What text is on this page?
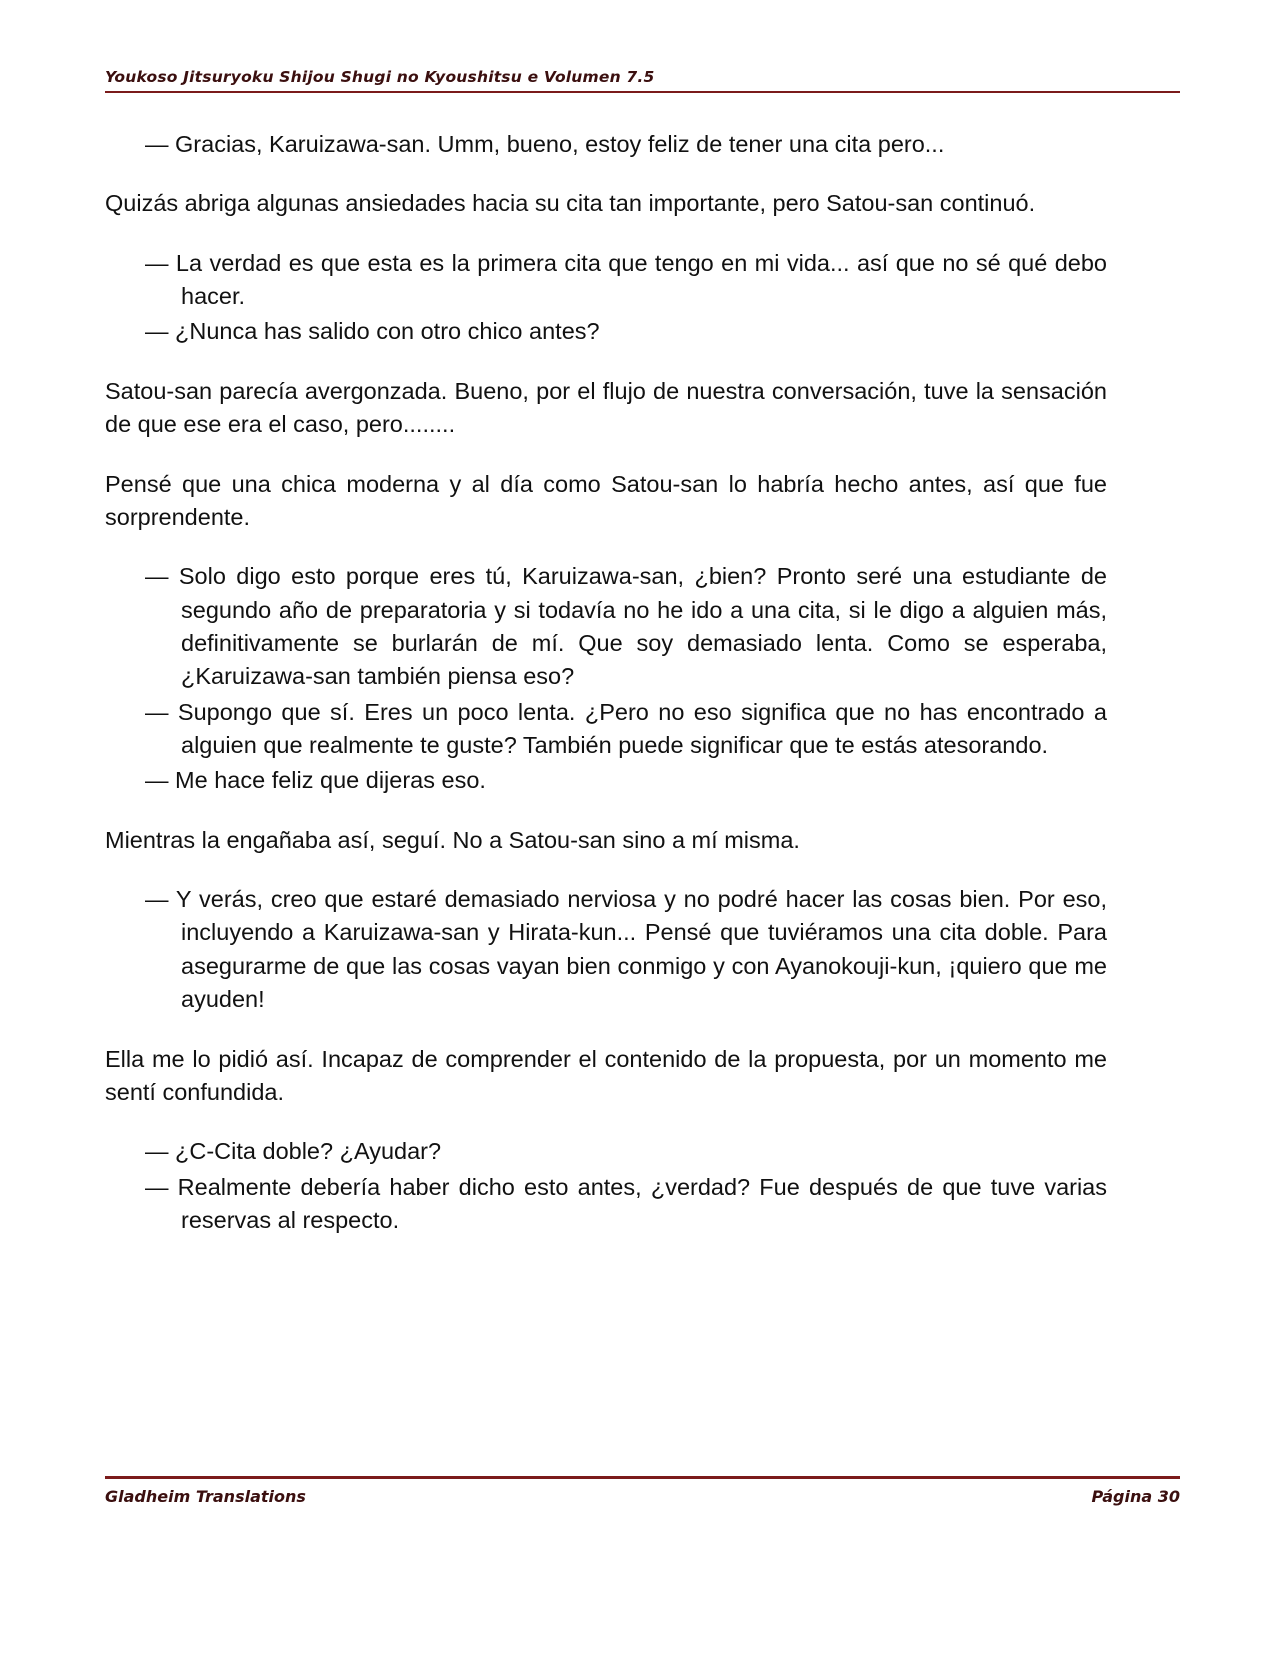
Youkoso Jitsuryoku Shijou Shugi no Kyoushitsu e Volumen 7.5
— Gracias, Karuizawa-san. Umm, bueno, estoy feliz de tener una cita pero...

Quizás abriga algunas ansiedades hacia su cita tan importante, pero Satou-san continuó.

— La verdad es que esta es la primera cita que tengo en mi vida... así que no sé qué debo hacer.
— ¿Nunca has salido con otro chico antes?

Satou-san parecía avergonzada. Bueno, por el flujo de nuestra conversación, tuve la sensación de que ese era el caso, pero........

Pensé que una chica moderna y al día como Satou-san lo habría hecho antes, así que fue sorprendente.

— Solo digo esto porque eres tú, Karuizawa-san, ¿bien? Pronto seré una estudiante de segundo año de preparatoria y si todavía no he ido a una cita, si le digo a alguien más, definitivamente se burlarán de mí. Que soy demasiado lenta. Como se esperaba, ¿Karuizawa-san también piensa eso?
— Supongo que sí. Eres un poco lenta. ¿Pero no eso significa que no has encontrado a alguien que realmente te guste? También puede significar que te estás atesorando.
— Me hace feliz que dijeras eso.

Mientras la engañaba así, seguí. No a Satou-san sino a mí misma.

— Y verás, creo que estaré demasiado nerviosa y no podré hacer las cosas bien. Por eso, incluyendo a Karuizawa-san y Hirata-kun... Pensé que tuviéramos una cita doble. Para asegurarme de que las cosas vayan bien conmigo y con Ayanokouji-kun, ¡quiero que me ayuden!

Ella me lo pidió así. Incapaz de comprender el contenido de la propuesta, por un momento me sentí confundida.

— ¿C-Cita doble? ¿Ayudar?
— Realmente debería haber dicho esto antes, ¿verdad? Fue después de que tuve varias reservas al respecto.
Gladheim Translations	Página 30
